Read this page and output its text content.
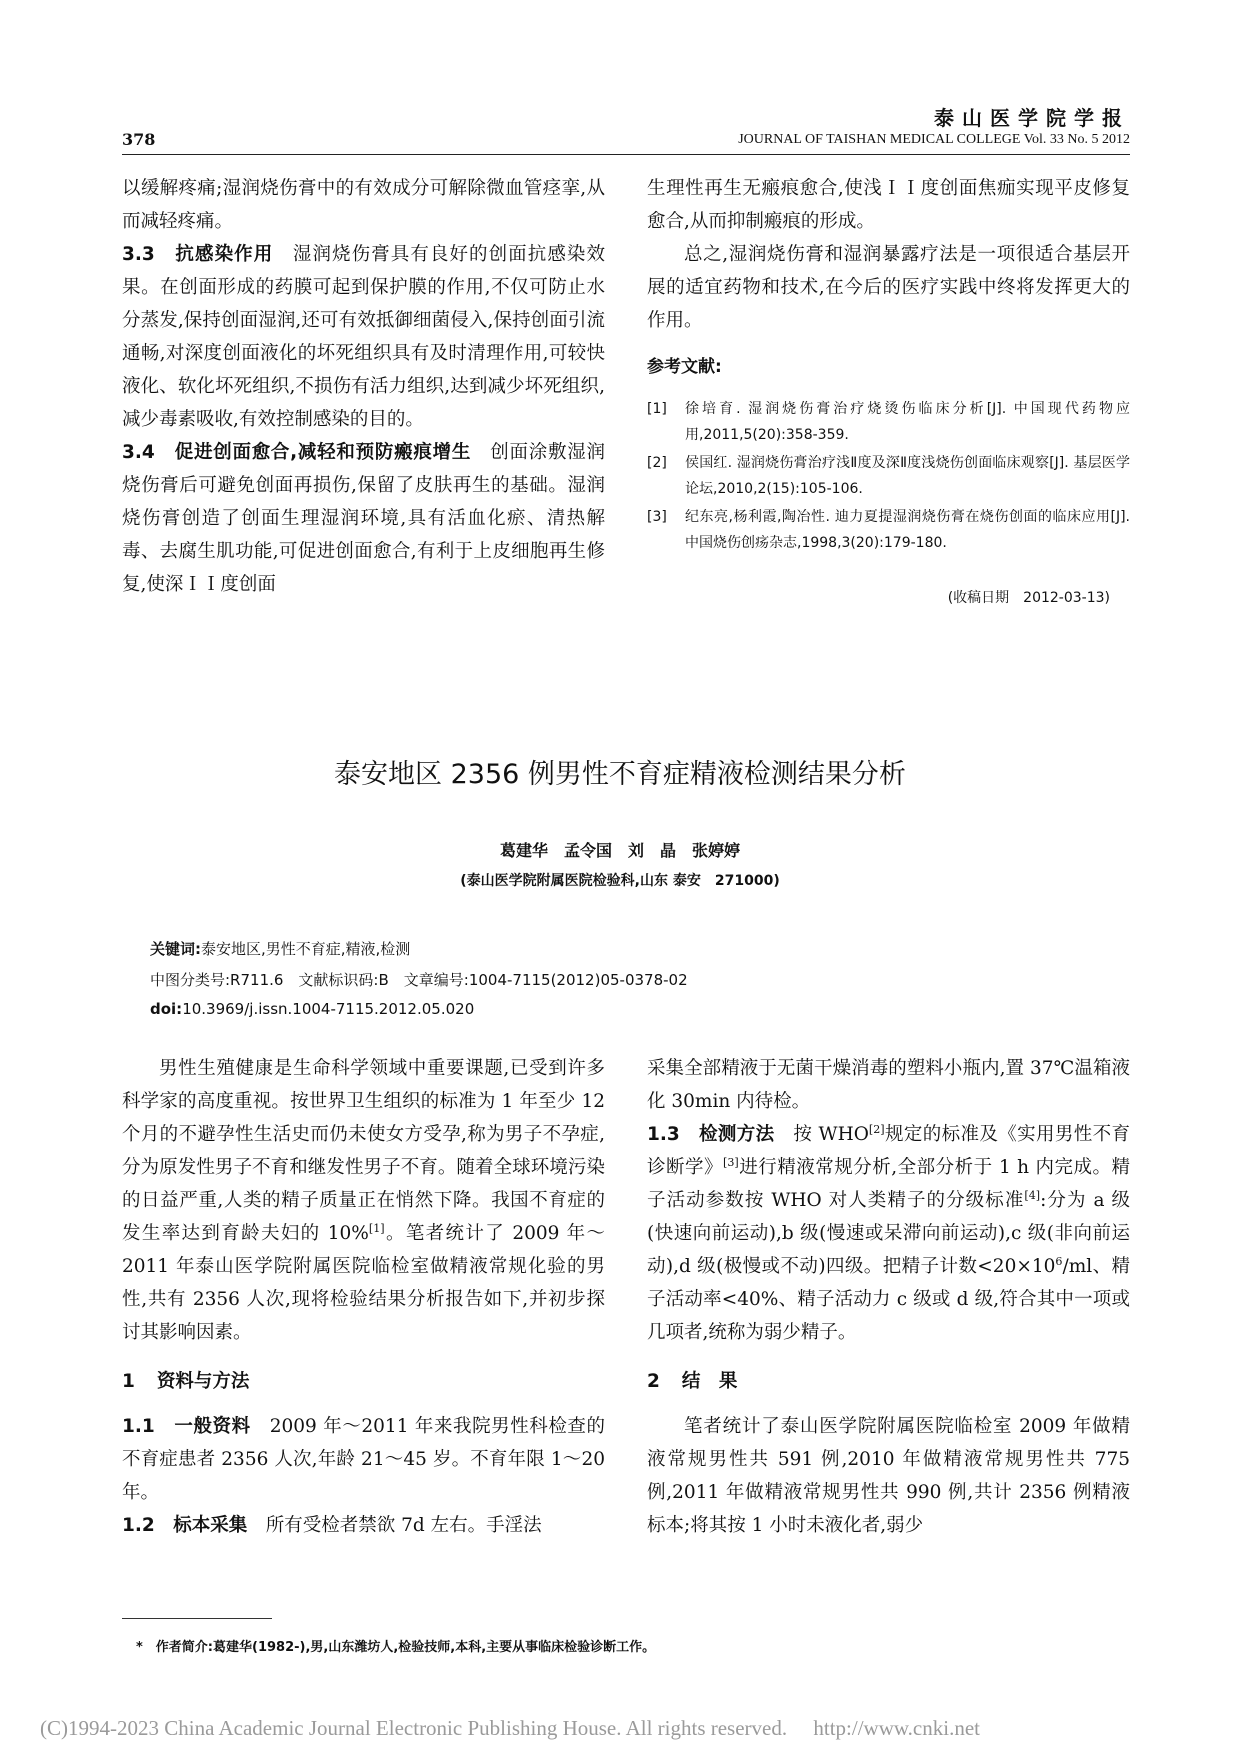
泰山医学院学报
378	JOURNAL OF TAISHAN MEDICAL COLLEGE Vol. 33 No. 5 2012

以缓解疼痛;湿润烧伤膏中的有效成分可解除微血管痉挛,从而减轻疼痛。

3.3　抗感染作用　湿润烧伤膏具有良好的创面抗感染效果。在创面形成的药膜可起到保护膜的作用,不仅可防止水分蒸发,保持创面湿润,还可有效抵御细菌侵入,保持创面引流通畅,对深度创面液化的坏死组织具有及时清理作用,可较快液化、软化坏死组织,不损伤有活力组织,达到减少坏死组织,减少毒素吸收,有效控制感染的目的。

3.4　促进创面愈合,减轻和预防瘢痕增生　创面涂敷湿润烧伤膏后可避免创面再损伤,保留了皮肤再生的基础。湿润烧伤膏创造了创面生理湿润环境,具有活血化瘀、清热解毒、去腐生肌功能,可促进创面愈合,有利于上皮细胞再生修复,使深ＩＩ度创面

生理性再生无瘢痕愈合,使浅ＩＩ度创面焦痂实现平皮修复愈合,从而抑制瘢痕的形成。

总之,湿润烧伤膏和湿润暴露疗法是一项很适合基层开展的适宜药物和技术,在今后的医疗实践中终将发挥更大的作用。

参考文献:
[1]	徐培育. 湿润烧伤膏治疗烧烫伤临床分析[J]. 中国现代药物应用,2011,5(20):358-359.
[2]	侯国红. 湿润烧伤膏治疗浅Ⅱ度及深Ⅱ度浅烧伤创面临床观察[J]. 基层医学论坛,2010,2(15):105-106.
[3]	纪东亮,杨利霞,陶冶性. 迪力夏提湿润烧伤膏在烧伤创面的临床应用[J]. 中国烧伤创疡杂志,1998,3(20):179-180.
(收稿日期　2012-03-13)
泰安地区 2356 例男性不育症精液检测结果分析
葛建华　孟令国　刘　晶　张婷婷
(泰山医学院附属医院检验科,山东 泰安　271000)
关键词:泰安地区,男性不育症,精液,检测
中图分类号:R711.6　文献标识码:B　文章编号:1004-7115(2012)05-0378-02
doi:10.3969/j.issn.1004-7115.2012.05.020

男性生殖健康是生命科学领域中重要课题,已受到许多科学家的高度重视。按世界卫生组织的标准为 1 年至少 12 个月的不避孕性生活史而仍未使女方受孕,称为男子不孕症,分为原发性男子不育和继发性男子不育。随着全球环境污染的日益严重,人类的精子质量正在悄然下降。我国不育症的发生率达到育龄夫妇的 10%[1]。笔者统计了 2009 年～2011 年泰山医学院附属医院临检室做精液常规化验的男性,共有 2356 人次,现将检验结果分析报告如下,并初步探讨其影响因素。

1 资料与方法

1.1　一般资料　2009 年～2011 年来我院男性科检查的不育症患者 2356 人次,年龄 21～45 岁。不育年限 1～20 年。

1.2　标本采集　所有受检者禁欲 7d 左右。手淫法

采集全部精液于无菌干燥消毒的塑料小瓶内,置 37℃温箱液化 30min 内待检。

1.3　检测方法　按 WHO[2]规定的标准及《实用男性不育诊断学》[3]进行精液常规分析,全部分析于 1 h 内完成。精子活动参数按 WHO 对人类精子的分级标准[4]:分为 a 级(快速向前运动),b 级(慢速或呆滞向前运动),c 级(非向前运动),d 级(极慢或不动)四级。把精子计数$<20\times 10^6/ml$、精子活动率<40%、精子活动力 c 级或 d 级,符合其中一项或几项者,统称为弱少精子。

2 结　果

笔者统计了泰山医学院附属医院临检室 2009 年做精液常规男性共 591 例,2010 年做精液常规男性共 775 例,2011 年做精液常规男性共 990 例,共计 2356 例精液标本;将其按 1 小时未液化者,弱少

*　作者简介:葛建华(1982-),男,山东潍坊人,检验技师,本科,主要从事临床检验诊断工作。
(C)1994-2023 China Academic Journal Electronic Publishing House. All rights reserved.　 http://www.cnki.net
